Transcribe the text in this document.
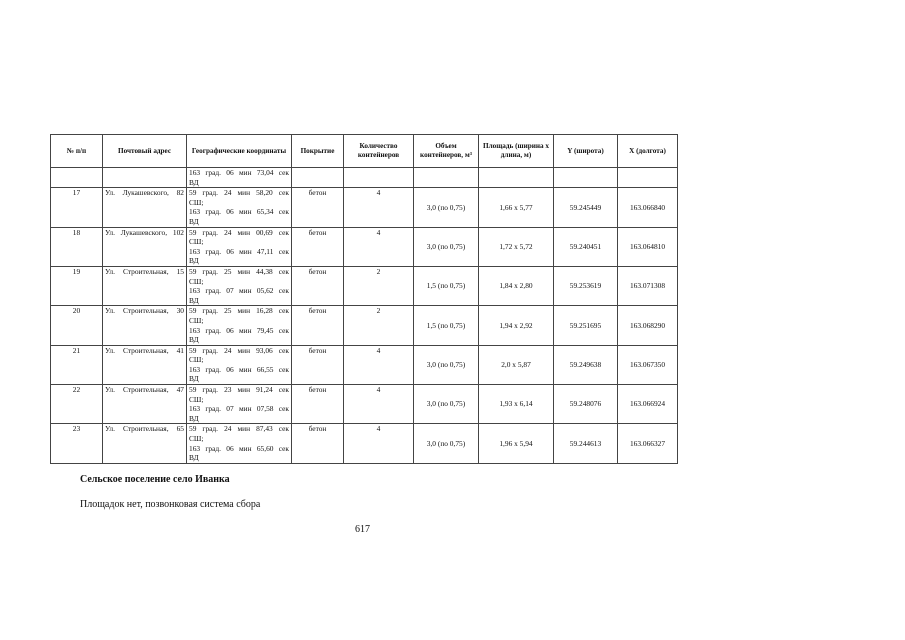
№ п/п	Почтовый адрес	Географические координаты	Покрытие	Количество контейнеров	Объем контейнеров, м³	Площадь (ширина х длина, м)	Y (широта)	X (долгота)

		163 град. 06 мин 73,04 сек
ВД						

17	Ул. Лукашевского, 82	59 град. 24 мин 58,20 сек
СШ;
163 град. 06 мин 65,34 сек
ВД	бетон	4	3,0 (по 0,75)	1,66 х 5,77	59.245449	163.066840
18	Ул. Лукашевского, 102	59 град. 24 мин 00,69 сек
СШ;
163 град. 06 мин 47,11 сек
ВД	бетон	4	3,0 (по 0,75)	1,72 х 5,72	59.240451	163.064810
19	Ул. Строительная, 15	59 град. 25 мин 44,38 сек
СШ;
163 град. 07 мин 05,62 сек
ВД	бетон	2	1,5 (по 0,75)	1,84 х 2,80	59.253619	163.071308
20	Ул. Строительная, 30	59 град. 25 мин 16,28 сек
СШ;
163 град. 06 мин 79,45 сек
ВД	бетон	2	1,5 (по 0,75)	1,94 х 2,92	59.251695	163.068290
21	Ул. Строительная, 41	59 град. 24 мин 93,06 сек
СШ;
163 град. 06 мин 66,55 сек
ВД	бетон	4	3,0 (по 0,75)	2,0 х 5,87	59.249638	163.067350
22	Ул. Строительная, 47	59 град. 23 мин 91,24 сек
СШ;
163 град. 07 мин 07,58 сек
ВД	бетон	4	3,0 (по 0,75)	1,93 х 6,14	59.248076	163.066924
23	Ул. Строительная, 65	59 град. 24 мин 87,43 сек
СШ;
163 град. 06 мин 65,60 сек
ВД	бетон	4	3,0 (по 0,75)	1,96 х 5,94	59.244613	163.066327
Сельское поселение село Иванка
Площадок нет, позвонковая система сбора
617
